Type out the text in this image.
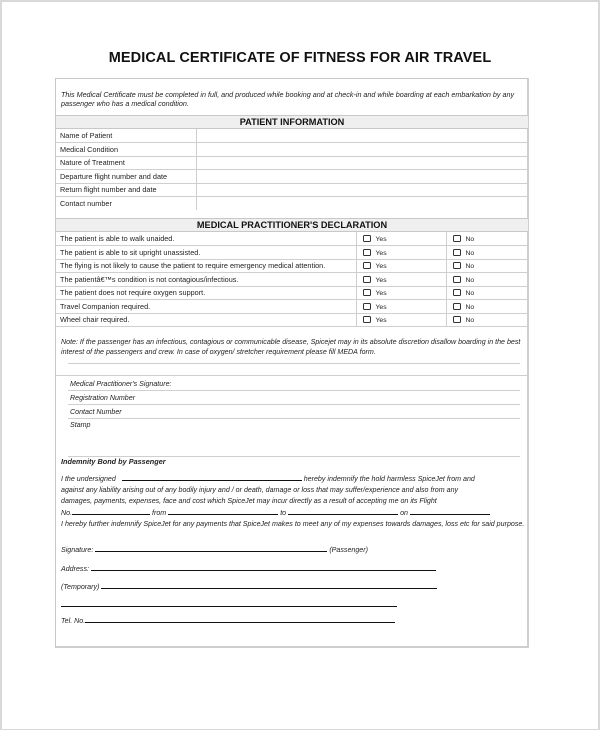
MEDICAL CERTIFICATE OF FITNESS FOR AIR TRAVEL
This Medical Certificate must be completed in full, and produced while booking and at check-in and while boarding at each embarkation by any passenger who has a medical condition.
PATIENT INFORMATION
Name of Patient	
Medical Condition	
Nature of Treatment	
Departure flight number and date	
Return flight number and date	
Contact number	
MEDICAL PRACTITIONER'S DECLARATION
The patient is able to walk unaided.	Yes	No
The patient is able to sit upright unassisted.	Yes	No
The flying is not likely to cause the patient to require emergency medical attention.	Yes	No
The patientâ€™s condition is not contagious/infectious.	Yes	No
The patient does not require oxygen support.	Yes	No
Travel Companion required.	Yes	No
Wheel chair required.	Yes	No
Note: If the passenger has an infectious, contagious or communicable disease, Spicejet may in its absolute discretion disallow boarding in the best interest of the passengers and crew. In case of oxygen/ stretcher requirement please fill MEDA form.
Medical Practitioner's Signature:
Registration Number
Contact Number
Stamp
Indemnity Bond by Passenger
I the undersigned	hereby indemnify the hold harmless SpiceJet from and
against any liability arising out of any bodily injury and / or death, damage or loss that may suffer/experience and also from any
damages, payments, expenses, face and cost which SpiceJet may incur directly as a result of accepting me on its Flight
No.	from	to	on
I hereby further indemnify SpiceJet for any payments that SpiceJet makes to meet any of my expenses towards damages, loss etc for said purpose.
Signature:	(Passenger)
Address:
(Temporary)
Tel. No.
